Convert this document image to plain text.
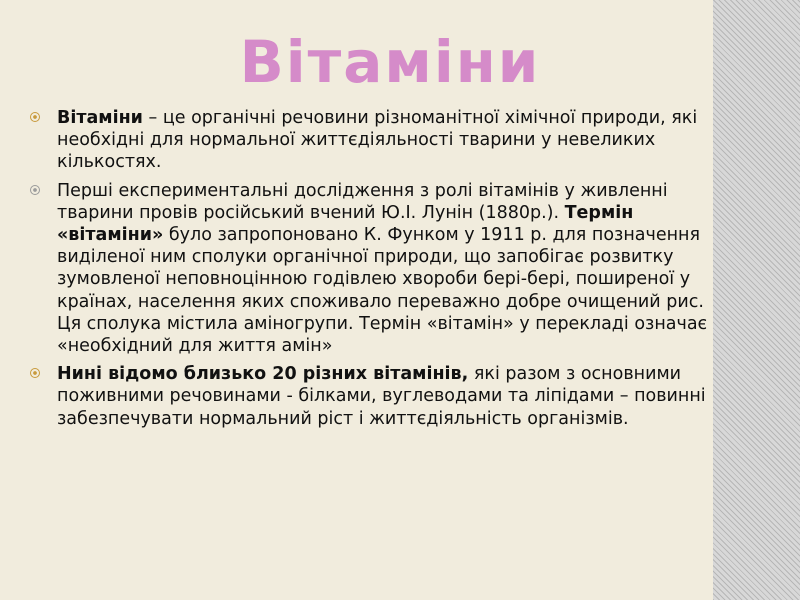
Вітаміни
Вітаміни – це органічні речовини різноманітної хімічної природи, які необхідні для нормальної життєдіяльності тварини у невеликих кількостях.
Перші експериментальні дослідження з ролі вітамінів у живленні тварини провів російський вчений Ю.І. Лунін (1880р.). Термін «вітаміни» було запропоновано К. Функом у 1911 р. для позначення виділеної ним сполуки органічної природи, що запобігає розвитку зумовленої неповноцінною годівлею хвороби бері-бері, поширеної у країнах, населення яких споживало переважно добре очищений рис. Ця сполука містила аміногрупи. Термін «вітамін» у перекладі означає «необхідний для життя амін»
Нині відомо близько 20 різних вітамінів, які разом з основними поживними речовинами - білками, вуглеводами та ліпідами – повинні забезпечувати нормальний ріст і життєдіяльність організмів.
